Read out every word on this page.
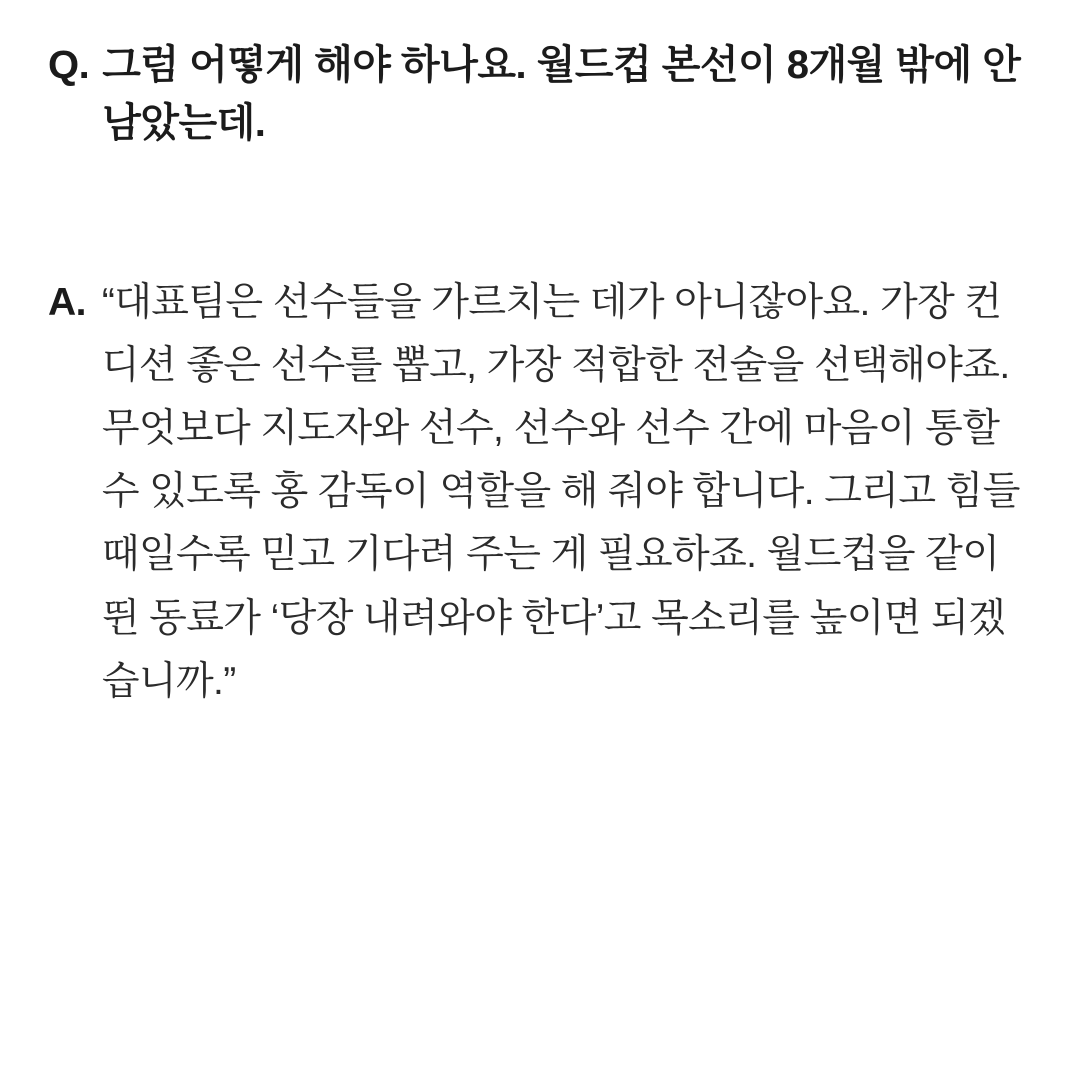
Q. 그럼 어떻게 해야 하나요. 월드컵 본선이 8개월 밖에 안 남았는데.
A. “대표팀은 선수들을 가르치는 데가 아니잖아요. 가장 컨디션 좋은 선수를 뽑고, 가장 적합한 전술을 선택해야죠. 무엇보다 지도자와 선수, 선수와 선수 간에 마음이 통할 수 있도록 홍 감독이 역할을 해 줘야 합니다. 그리고 힘들 때일수록 믿고 기다려 주는 게 필요하죠. 월드컵을 같이 뛴 동료가 ‘당장 내려와야 한다’고 목소리를 높이면 되겠습니까.”
